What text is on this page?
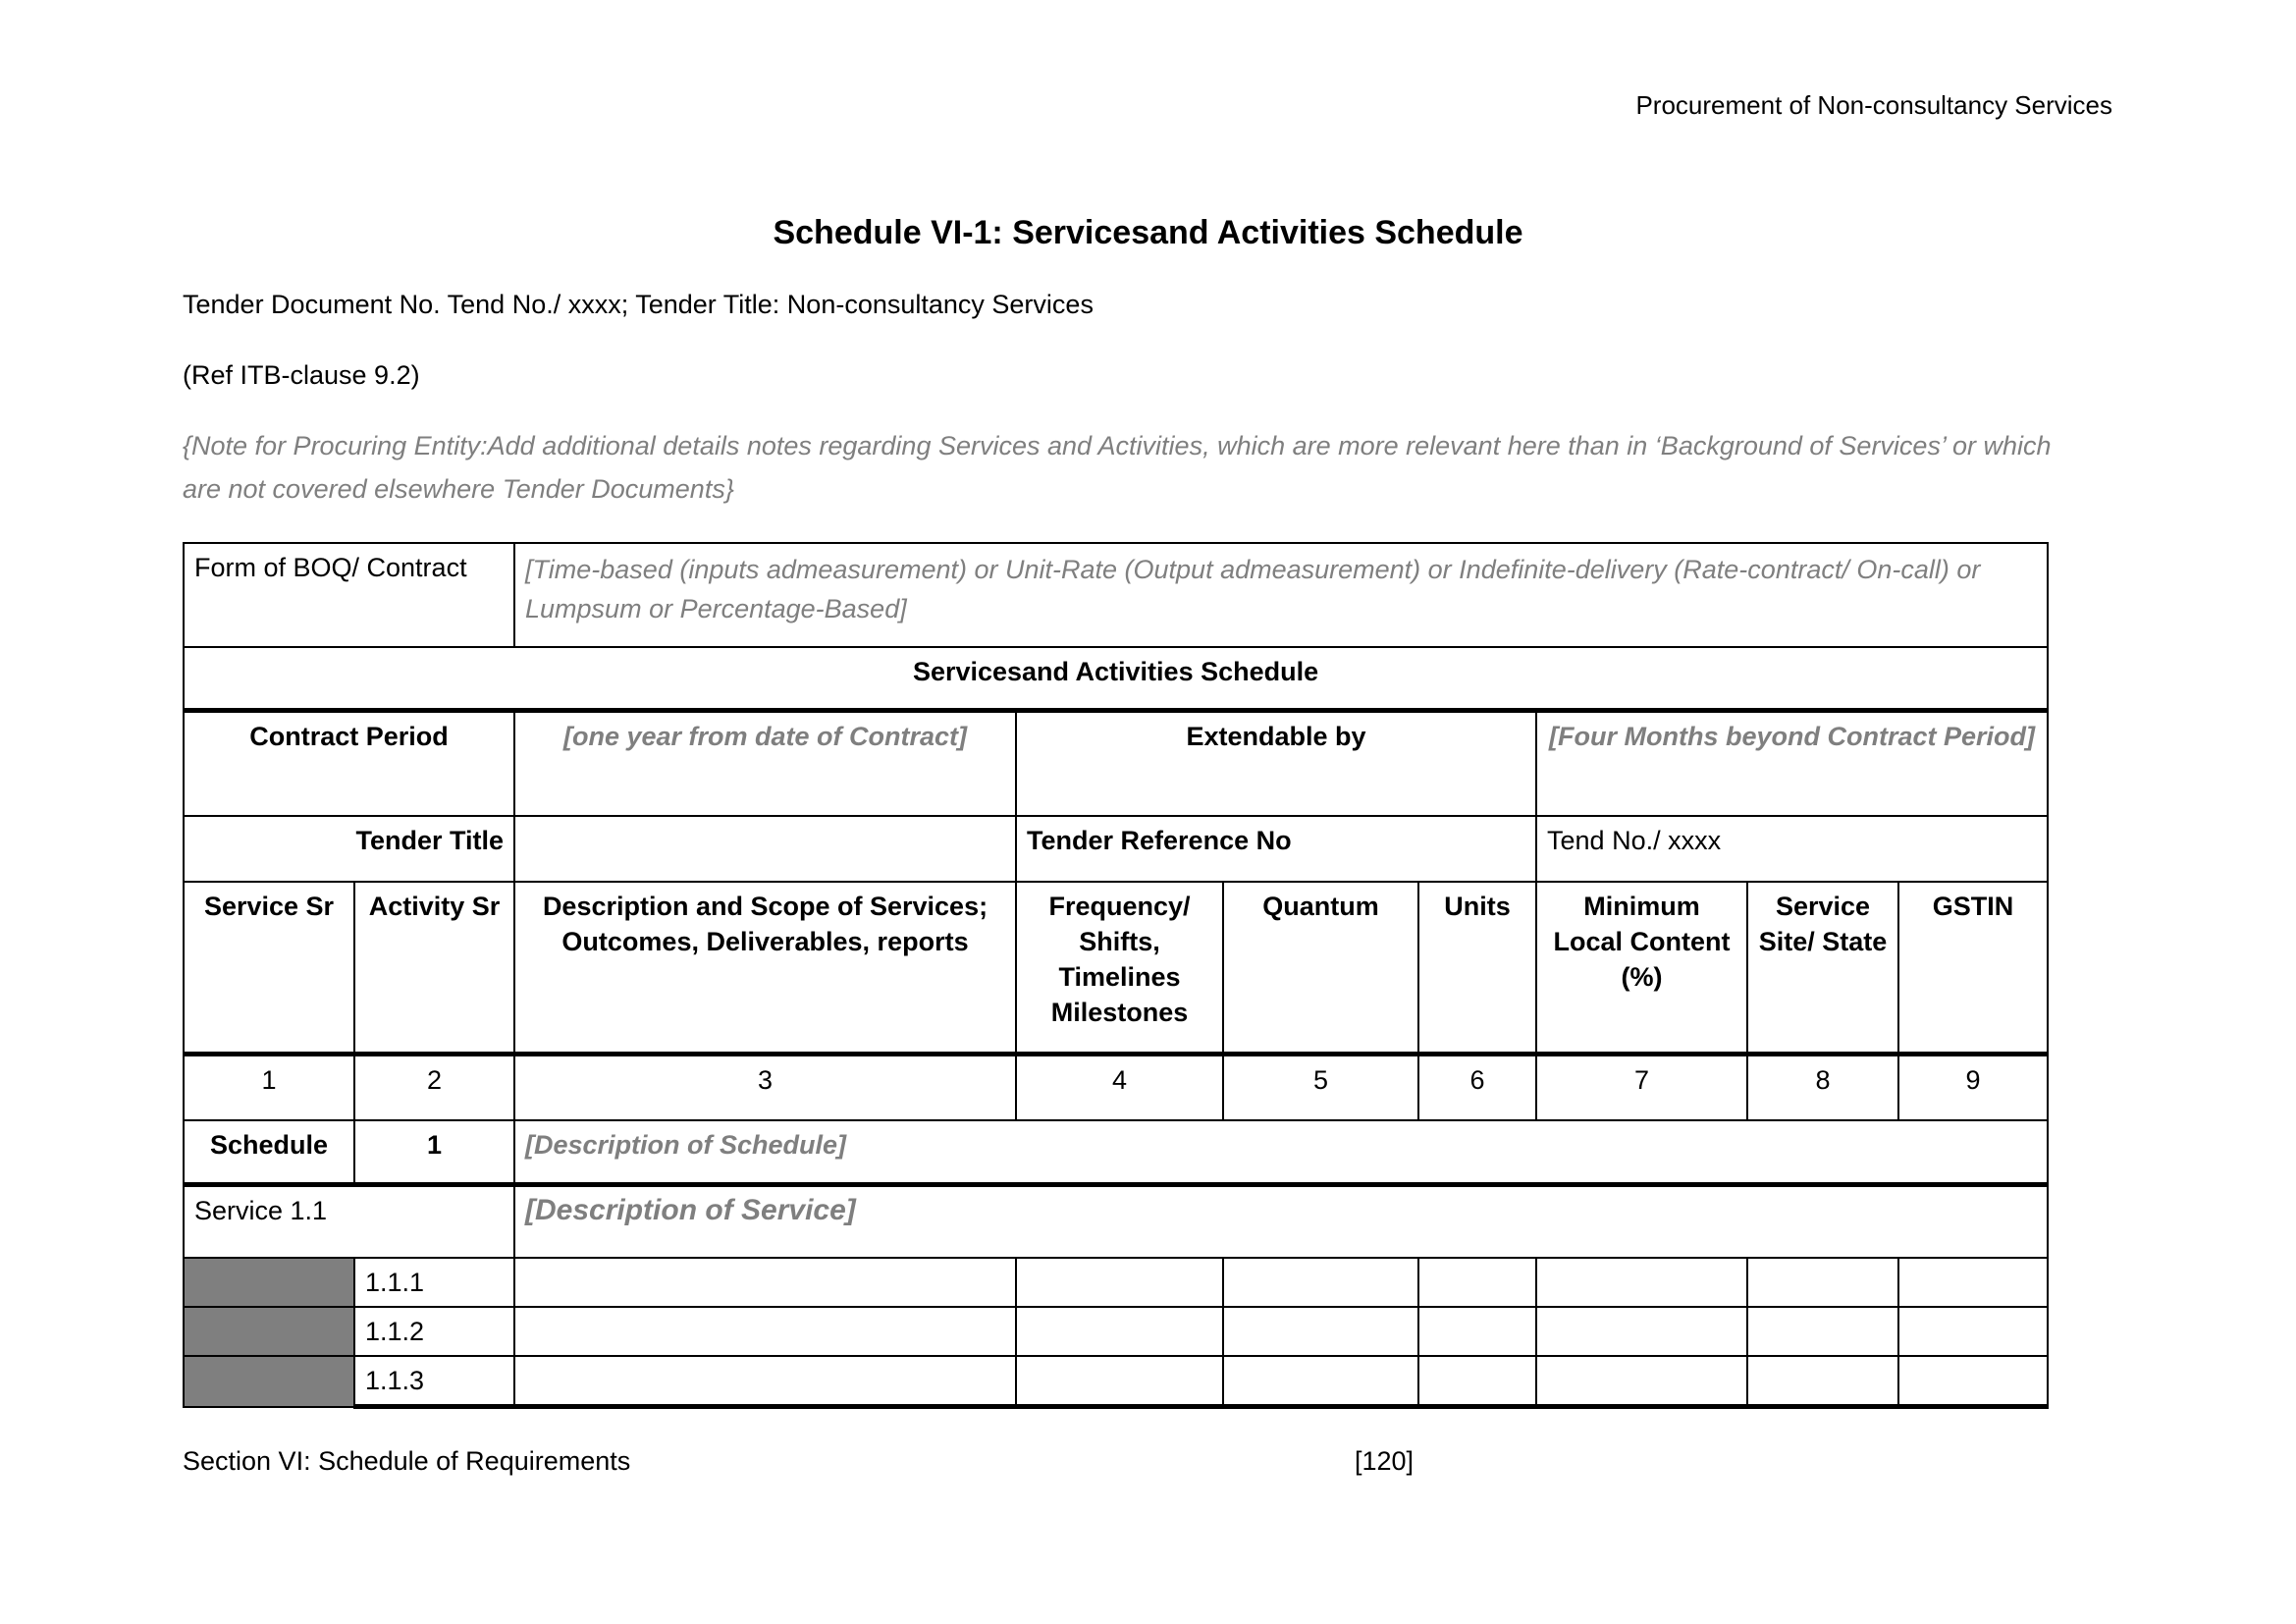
Procurement of Non-consultancy Services
Schedule VI-1: Servicesand Activities Schedule
Tender Document No. Tend No./ xxxx; Tender Title: Non-consultancy Services
(Ref ITB-clause 9.2)
{Note for Procuring Entity:Add additional details notes regarding Services and Activities, which are more relevant here than in ‘Background of Services’ or which are not covered elsewhere Tender Documents}
Form of BOQ/ Contract		[Time-based (inputs admeasurement) or Unit-Rate (Output admeasurement) or Indefinite-delivery (Rate-contract/ On-call) or Lumpsum or Percentage-Based]						
Servicesand Activities Schedule								
Contract Period		[one year from date of Contract]	Extendable by			[Four Months beyond Contract Period]		
Tender Title			Tender Reference No			Tend No./ xxxx		
Service Sr	Activity Sr	Description and Scope of Services; Outcomes, Deliverables, reports	Frequency/ Shifts, Timelines Milestones	Quantum	Units	Minimum Local Content (%)	Service Site/ State	GSTIN
1	2	3	4	5	6	7	8	9
Schedule	1	[Description of Schedule]						
Service 1.1		[Description of Service]						
	1.1.1							
	1.1.2							
	1.1.3							
Section VI: Schedule of Requirements	[120]
